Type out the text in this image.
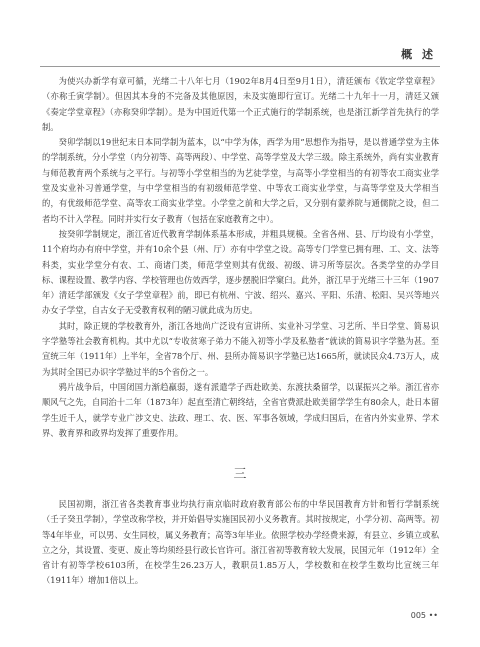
概 述

为使兴办新学有章可循，光绪二十八年七月（1902年8月4日至9月1日），清廷颁布《钦定学堂章程》（亦称壬寅学制）。但因其本身的不完备及其他原因，未及实施即行宣订。光绪二十九年十一月，清廷又颁《奏定学堂章程》（亦称癸卯学制）。是为中国近代第一个正式施行的学制系统，也是浙江新学首先执行的学制。

癸卯学制以19世纪末日本同学制为蓝本，以“中学为体，西学为用”思想作为指导，是以普通学堂为主体的学制系统，分小学堂（内分初等、高等两段）、中学堂、高等学堂及大学三级。除主系统外，尚有实业教育与师范教育两个系统与之平行。与初等小学堂相当的为艺徒学堂，与高等小学堂相当的有初等农工商实业学堂及实业补习普通学堂，与中学堂相当的有初级师范学堂、中等农工商实业学堂，与高等学堂及大学相当的，有优级师范学堂、高等农工商实业学堂。小学堂之前和大学之后，又分别有蒙养院与通儒院之设，但二者均不计入学程。同时并实行女子教育（包括在家庭教育之中）。

按癸卯学制规定，浙江省近代教育学制体系基本形成，并粗具规模。全省各州、县、厅均设有小学堂，11个府均办有府中学堂，并有10余个县（州、厅）亦有中学堂之设。高等专门学堂已拥有理、工、文、法等科类，实业学堂分有农、工、商诸门类，师范学堂则其有优级、初级、讲习所等层次。各类学堂的办学目标、课程设置、教学内容、学校管理也仿效西学，逐步摆脱旧学窠臼。此外，浙江早于光绪三十三年（1907年）清廷学部颁发《女子学堂章程》前，即已有杭州、宁波、绍兴、嘉兴、平阳、乐清、松阳、吴兴等地兴办女子学堂，自古女子无受教育权利的陋习就此成为历史。

其时，除正规的学校教育外，浙江各地尚广泛设有宣讲所、实业补习学堂、习艺所、半日学堂、简易识字学塾等社会教育机构。其中尤以“专收贫寒子弟力不能入初等小学及私塾者”就读的简易识字学塾为甚。至宣统三年（1911年）上半年，全省78个厅、州、县所办简易识字学塾已达1665所，就读民众4.73万人，成为其时全国已办识字学塾过半的5个省份之一。

鸦片战争后，中国闭国力渐趋羸弱，遂有派遣学子西赴欧美、东渡扶桑留学，以谋振兴之举。浙江省亦顺风气之先，自同治十二年（1873年）起直至清亡朝终结，全省官费派赴欧美留学学生有80余人，赴日本留学生近千人，就学专业广涉文史、法政、理工、农、医、军事各领域，学成归国后，在省内外实业界、学术界、教育界和政界均发挥了重要作用。

三

民国初期，浙江省各类教育事业均执行南京临时政府教育部公布的中华民国教育方针和暂行学制系统（壬子癸丑学制），学堂改称学校，并开始倡导实施国民初小义务教育。其时按规定，小学分初、高两等。初等4年毕业，可以男、女生同校，属义务教育；高等3年毕业。依照学校办学经费来源，有县立、乡镇立或私立之分，其设置、变更、废止等均须经县行政长官许可。浙江省初等教育较大发展，民国元年（1912年）全省计有初等学校6103所，在校学生26.23万人，教职员1.85万人，学校数和在校学生数均比宣统三年（1911年）增加1倍以上。

005 ••
